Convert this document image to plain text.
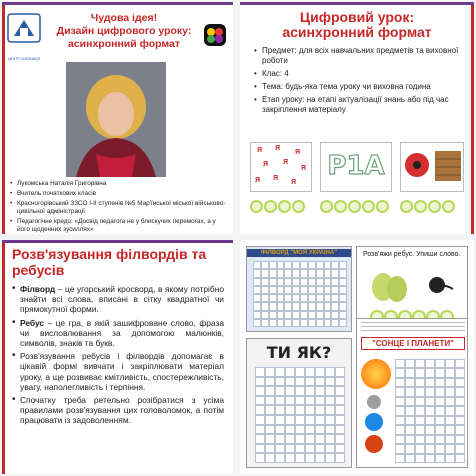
ЦЕНТР ЗАЛІЗНИЦЯ
Чудова ідея!
Дизайн цифрового уроку:
асинхронний формат
• Лукомська Наталія Григорівна
• Вчитель початкових класів
• Красногорівський ЗЗСО І-ІІ ступенів №5 Мар'їнської міської військово-цивільної адміністрації
• Педагогічне кредо: «Досвід педагога не у блискучих перемогах, а у його щоденних зусиллях»
Цифровий урок:
асинхронний формат
• Предмет: для всіх навчальних предметів та виховної роботи
• Клас: 4
• Тема: будь-яка тема уроку чи виховна година
• Етап уроку: на етапі актуалізації знань або під час закріплення матеріалу
Я Я
Я
Я Я
Я
Я Я
Я
Р1А
Розв'язування філвордів та ребусів

• Філворд – це угорський кросворд, в якому потрібно знайти всі слова, вписані в сітку квадратної чи прямокутної форми.

• Ребус – це гра, в якій зашифроване слово, фраза чи висловлювання за допомогою малюнків, символів, знаків та букв.

• Розв'язування ребусів і філвордів допомагає в цікавій формі вивчати і закріплювати матеріал уроку, а ще розвиває кмітливість, спостережливість, увагу, наполегливість і терпіння.

• Спочатку треба ретельно розібратися з усіма правилами розв'язування цих головоломок, а потім працювати із задоволенням.

ФІЛВОРД "МОЯ УКРАЇНА"	Розв'яжи ребус. Упиши слово.
ТИ ЯК?	"СОНЦЕ І ПЛАНЕТИ"
